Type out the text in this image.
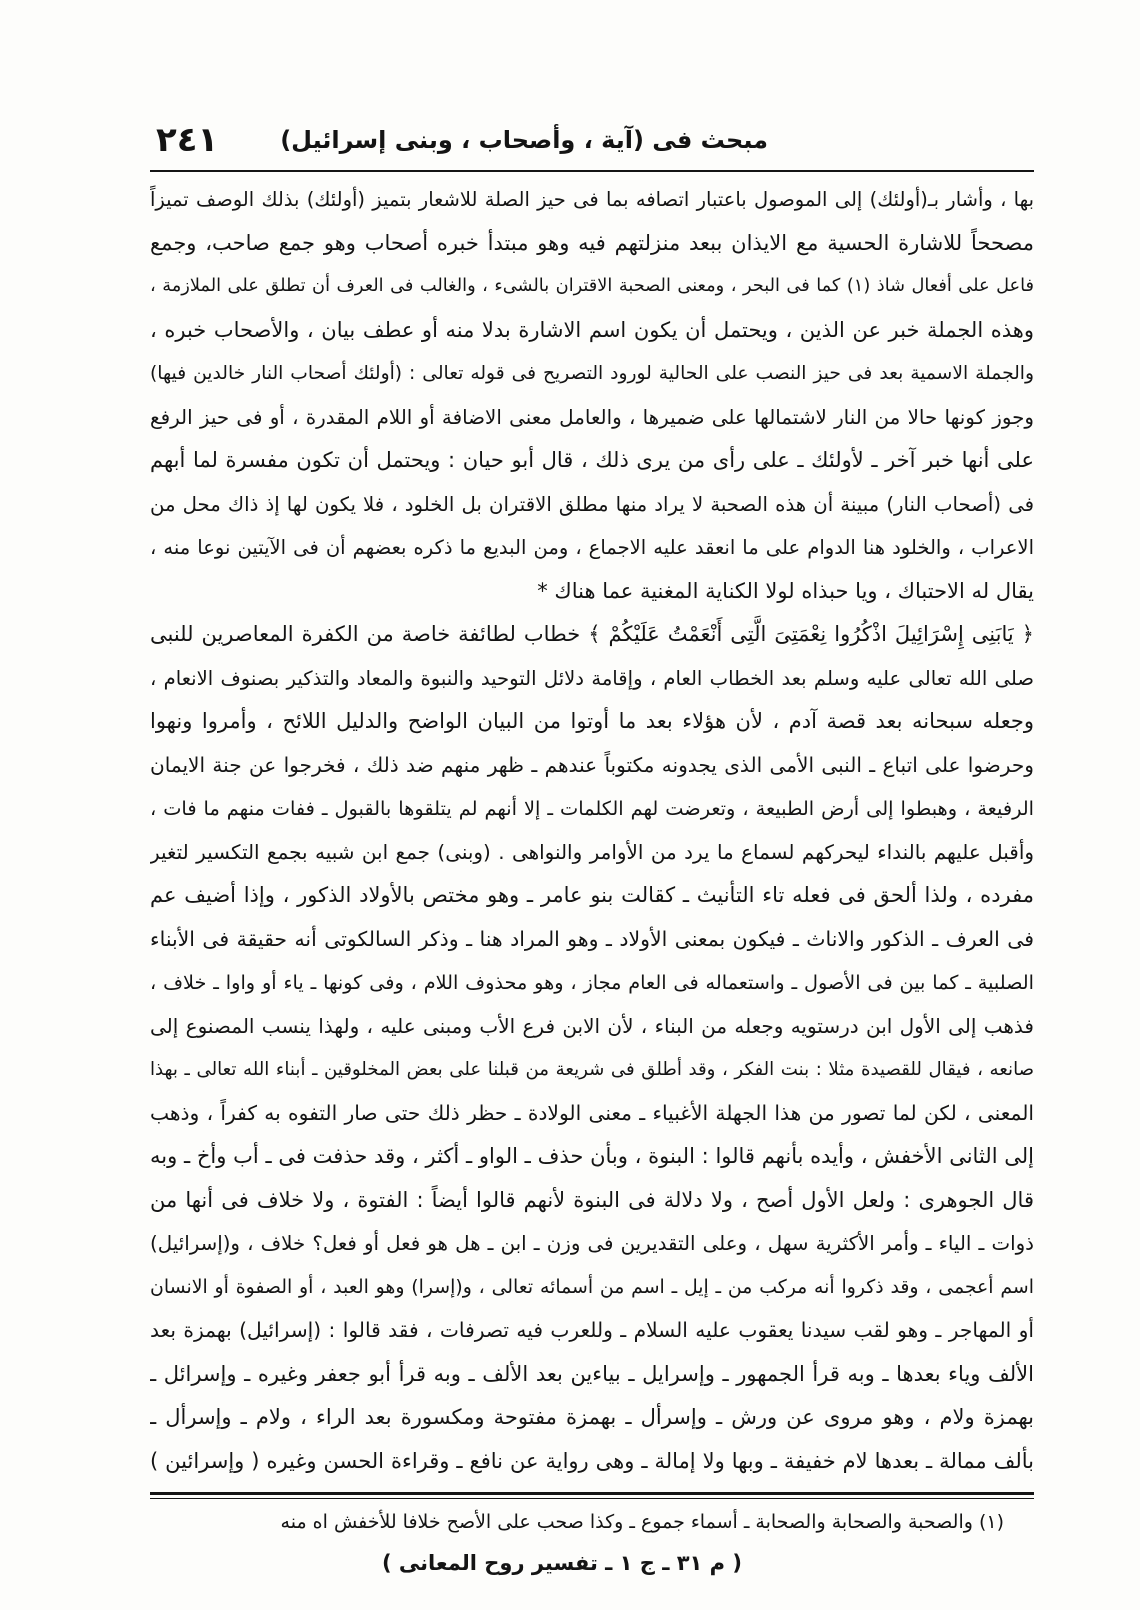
٢٤١	مبحث فى (آية ، وأصحاب ، وبنى إسرائيل)
بها ، وأشار بـ(أولئك) إلى الموصول باعتبار اتصافه بما فى حيز الصلة للاشعار بتميز (أولئك) بذلك الوصف تميزاً
مصححاً للاشارة الحسية مع الايذان ببعد منزلتهم فيه وهو مبتدأ خبره أصحاب وهو جمع صاحب، وجمع
فاعل على أفعال شاذ (١) كما فى البحر ، ومعنى الصحبة الاقتران بالشىء ، والغالب فى العرف أن تطلق على الملازمة ،
وهذه الجملة خبر عن الذين ، ويحتمل أن يكون اسم الاشارة بدلا منه أو عطف بيان ، والأصحاب خبره ،
والجملة الاسمية بعد فى حيز النصب على الحالية لورود التصريح فى قوله تعالى : (أولئك أصحاب النار خالدين فيها)
وجوز كونها حالا من النار لاشتمالها على ضميرها ، والعامل معنى الاضافة أو اللام المقدرة ، أو فى حيز الرفع
على أنها خبر آخر ـ لأولئك ـ على رأى من يرى ذلك ، قال أبو حيان : ويحتمل أن تكون مفسرة لما أبهم
فى (أصحاب النار) مبينة أن هذه الصحبة لا يراد منها مطلق الاقتران بل الخلود ، فلا يكون لها إذ ذاك محل من
الاعراب ، والخلود هنا الدوام على ما انعقد عليه الاجماع ، ومن البديع ما ذكره بعضهم أن فى الآيتين نوعا منه ،
يقال له الاحتباك ، ويا حبذاه لولا الكناية المغنية عما هناك *
﴿ يَابَنِى إِسْرَائِيلَ اذْكُرُوا نِعْمَتِىَ الَّتِى أَنْعَمْتُ عَلَيْكُمْ ﴾ خطاب لطائفة خاصة من الكفرة المعاصرين للنبى
صلى الله تعالى عليه وسلم بعد الخطاب العام ، وإقامة دلائل التوحيد والنبوة والمعاد والتذكير بصنوف الانعام ،
وجعله سبحانه بعد قصة آدم ، لأن هؤلاء بعد ما أوتوا من البيان الواضح والدليل اللائح ، وأمروا ونهوا
وحرضوا على اتباع ـ النبى الأمى الذى يجدونه مكتوباً عندهم ـ ظهر منهم ضد ذلك ، فخرجوا عن جنة الايمان
الرفيعة ، وهبطوا إلى أرض الطبيعة ، وتعرضت لهم الكلمات ـ إلا أنهم لم يتلقوها بالقبول ـ ففات منهم ما فات ،
وأقبل عليهم بالنداء ليحركهم لسماع ما يرد من الأوامر والنواهى . (وبنى) جمع ابن شبيه بجمع التكسير لتغير
مفرده ، ولذا ألحق فى فعله تاء التأنيث ـ كقالت بنو عامر ـ وهو مختص بالأولاد الذكور ، وإذا أضيف عم
فى العرف ـ الذكور والاناث ـ فيكون بمعنى الأولاد ـ وهو المراد هنا ـ وذكر السالكوتى أنه حقيقة فى الأبناء
الصلبية ـ كما بين فى الأصول ـ واستعماله فى العام مجاز ، وهو محذوف اللام ، وفى كونها ـ ياء أو واوا ـ خلاف ،
فذهب إلى الأول ابن درستويه وجعله من البناء ، لأن الابن فرع الأب ومبنى عليه ، ولهذا ينسب المصنوع إلى
صانعه ، فيقال للقصيدة مثلا : بنت الفكر ، وقد أطلق فى شريعة من قبلنا على بعض المخلوقين ـ أبناء الله تعالى ـ بهذا
المعنى ، لكن لما تصور من هذا الجهلة الأغبياء ـ معنى الولادة ـ حظر ذلك حتى صار التفوه به كفراً ، وذهب
إلى الثانى الأخفش ، وأيده بأنهم قالوا : البنوة ، وبأن حذف ـ الواو ـ أكثر ، وقد حذفت فى ـ أب وأخ ـ وبه
قال الجوهرى : ولعل الأول أصح ، ولا دلالة فى البنوة لأنهم قالوا أيضاً : الفتوة ، ولا خلاف فى أنها من
ذوات ـ الياء ـ وأمر الأكثرية سهل ، وعلى التقديرين فى وزن ـ ابن ـ هل هو فعل أو فعل؟ خلاف ، و(إسرائيل)
اسم أعجمى ، وقد ذكروا أنه مركب من ـ إيل ـ اسم من أسمائه تعالى ، و(إسرا) وهو العبد ، أو الصفوة أو الانسان
أو المهاجر ـ وهو لقب سيدنا يعقوب عليه السلام ـ وللعرب فيه تصرفات ، فقد قالوا : (إسرائيل) بهمزة بعد
الألف وياء بعدها ـ وبه قرأ الجمهور ـ وإسرايل ـ بياءين بعد الألف ـ وبه قرأ أبو جعفر وغيره ـ وإسرائل ـ
بهمزة ولام ، وهو مروى عن ورش ـ وإسرأل ـ بهمزة مفتوحة ومكسورة بعد الراء ، ولام ـ وإسرأل ـ
بألف ممالة ـ بعدها لام خفيفة ـ وبها ولا إمالة ـ وهى رواية عن نافع ـ وقراءة الحسن وغيره ( وإسرائين )
(١) والصحبة والصحابة والصحابة ـ أسماء جموع ـ وكذا صحب على الأصح خلافا للأخفش اه منه
( م ٣١ ـ ج ١ ـ تفسير روح المعانى )
